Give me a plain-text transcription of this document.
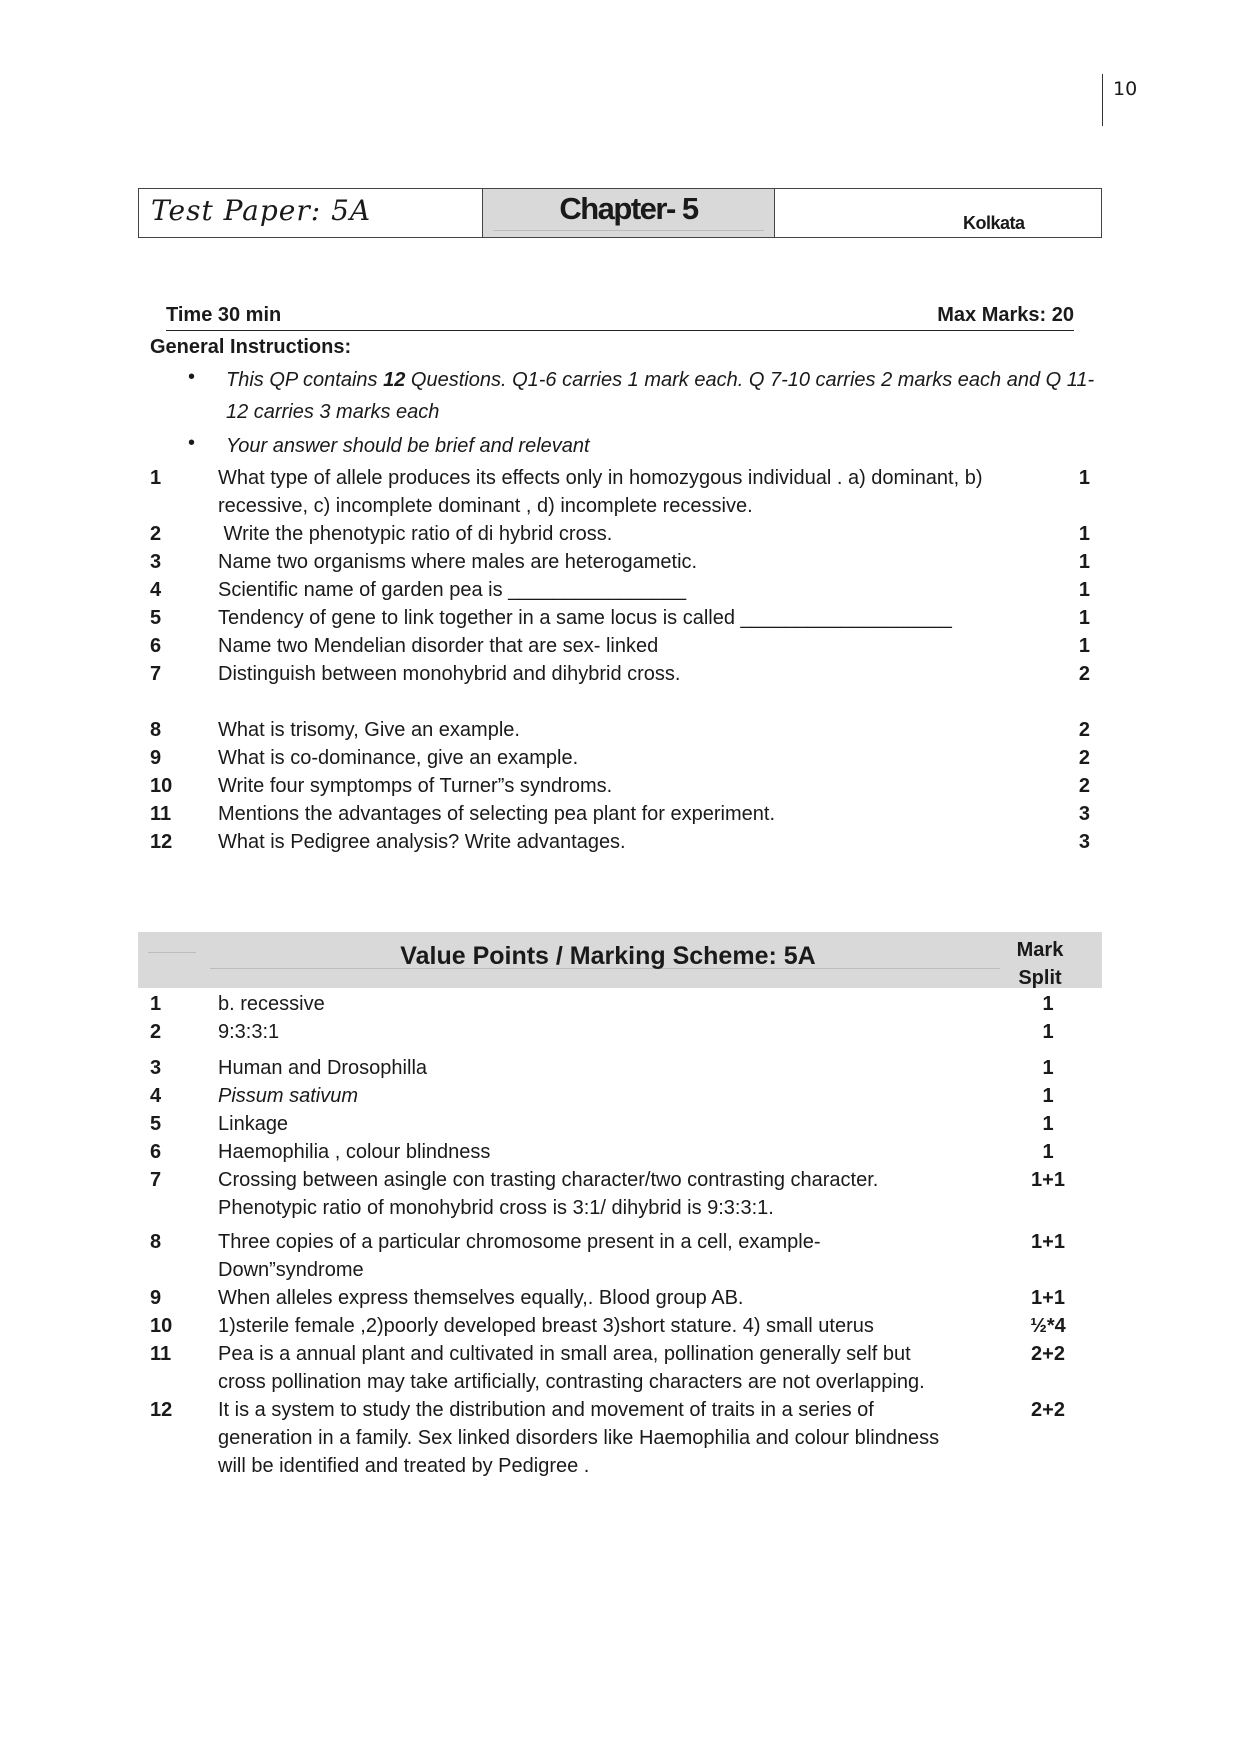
10
Test Paper: 5A	Chapter- 5	Kolkata
Time 30 min	Max Marks: 20
General Instructions:
• This QP contains 12 Questions. Q1-6 carries 1 mark each. Q 7-10 carries 2 marks each and Q 11-12 carries 3 marks each
• Your answer should be brief and relevant
1	What type of allele produces its effects only in homozygous individual . a) dominant, b)
recessive, c) incomplete dominant , d) incomplete recessive.
1
2	Write the phenotypic ratio of di hybrid cross.	1
3	Name two organisms where males are heterogametic.	1
4	Scientific name of garden pea is ________________	1
5	Tendency of gene to link together in a same locus is called ___________________	1
6	Name two Mendelian disorder that are sex- linked	1
7	Distinguish between monohybrid and dihybrid cross.	2
8	What is trisomy, Give an example.	2
9	What is co-dominance, give an example.	2
10 Write four symptomps of Turner”s syndroms.	2
11 Mentions the advantages of selecting pea plant for experiment.	3
12 What is Pedigree analysis? Write advantages.	3
Value Points / Marking Scheme: 5A	Mark
Split
1	b. recessive	1
2	9:3:3:1	1
3	Human and Drosophilla	1
4	Pissum sativum	1
5	Linkage	1
6	Haemophilia , colour blindness	1
7	Crossing between asingle con trasting character/two contrasting character.
Phenotypic ratio of monohybrid cross is 3:1/ dihybrid is 9:3:3:1.
1+1
8	Three copies of a particular chromosome present in a cell, example-
Down”syndrome
1+1
9	When alleles express themselves equally,. Blood group AB.	1+1
10 1)sterile female ,2)poorly developed breast 3)short stature. 4) small uterus	½*4
11 Pea is a annual plant and cultivated in small area, pollination generally self but
cross pollination may take artificially, contrasting characters are not overlapping.
2+2
12 It is a system to study the distribution and movement of traits in a series of
generation in a family. Sex linked disorders like Haemophilia and colour blindness
will be identified and treated by Pedigree .
2+2
